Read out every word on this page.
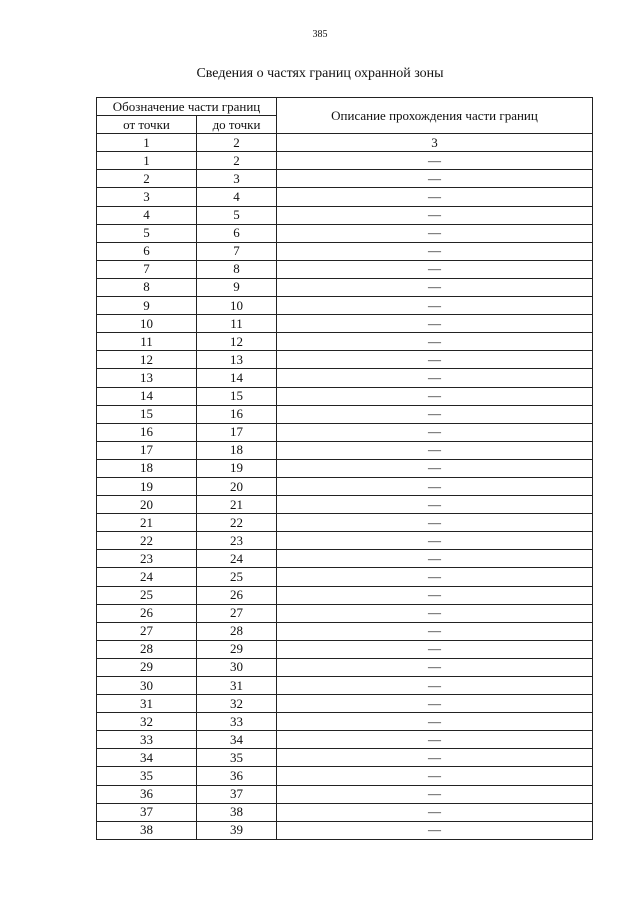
385
Сведения о частях границ охранной зоны
Обозначение части границ		Описание прохождения части границ
от точки	до точки	
1	2	3
1	2	—
2	3	—
3	4	—
4	5	—
5	6	—
6	7	—
7	8	—
8	9	—
9	10	—
10	11	—
11	12	—
12	13	—
13	14	—
14	15	—
15	16	—
16	17	—
17	18	—
18	19	—
19	20	—
20	21	—
21	22	—
22	23	—
23	24	—
24	25	—
25	26	—
26	27	—
27	28	—
28	29	—
29	30	—
30	31	—
31	32	—
32	33	—
33	34	—
34	35	—
35	36	—
36	37	—
37	38	—
38	39	—
